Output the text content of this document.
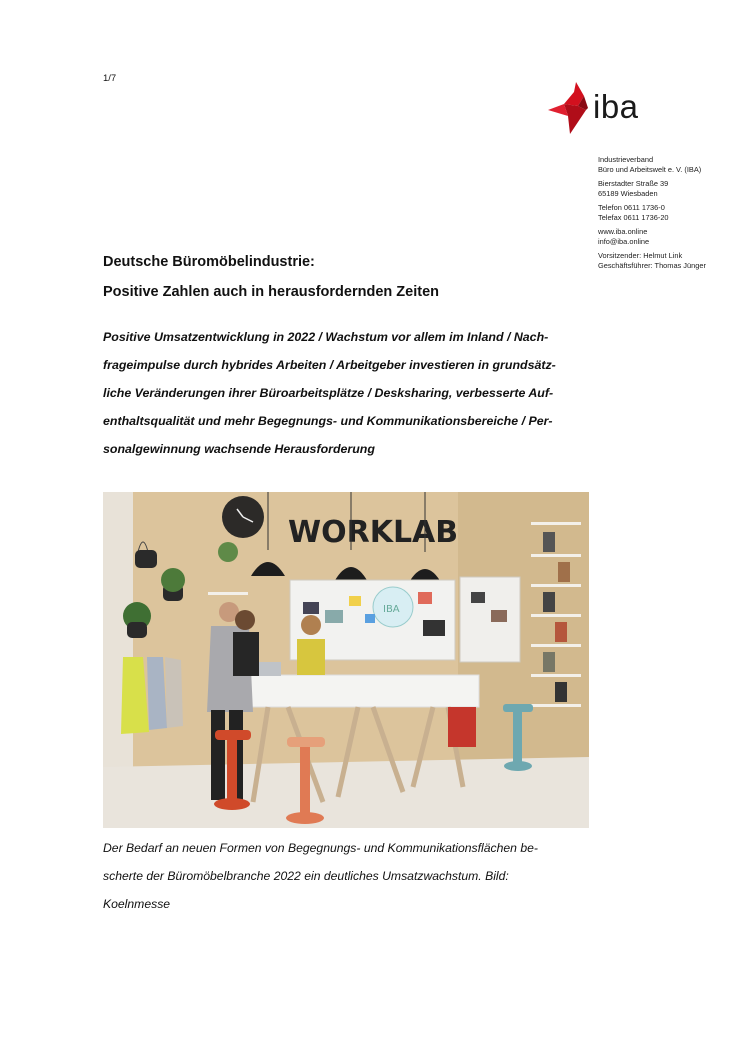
1/7
iba
Industrieverband
Büro und Arbeitswelt e. V. (IBA)
Bierstadter Straße 39
65189 Wiesbaden
Telefon 0611 1736-0
Telefax 0611 1736-20
www.iba.online
info@iba.online
Vorsitzender: Helmut Link
Geschäftsführer: Thomas Jünger
Deutsche Büromöbelindustrie:
Positive Zahlen auch in herausfordernden Zeiten
Positive Umsatzentwicklung in 2022 / Wachstum vor allem im Inland / Nach-
frageimpulse durch hybrides Arbeiten / Arbeitgeber investieren in grundsätz-
liche Veränderungen ihrer Büroarbeitsplätze / Desksharing, verbesserte Auf-
enthaltsqualität und mehr Begegnungs- und Kommunikationsbereiche / Per-
sonalgewinnung wachsende Herausforderung
WORKLAB
IBA
Der Bedarf an neuen Formen von Begegnungs- und Kommunikationsflächen be-
scherte der Büromöbelbranche 2022 ein deutliches Umsatzwachstum. Bild:
Koelnmesse
